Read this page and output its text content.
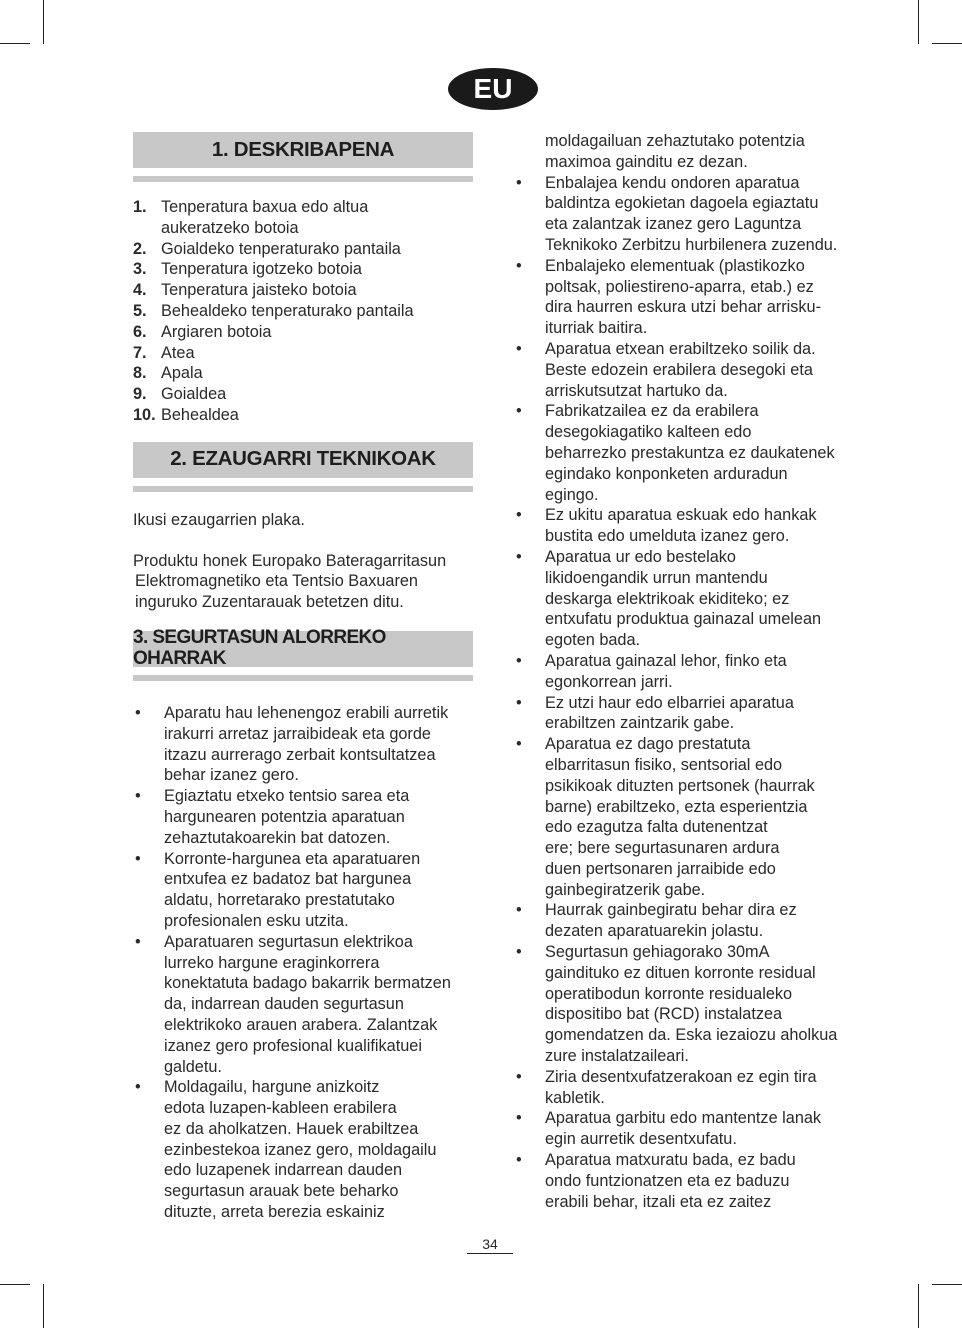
EU
1. DESKRIBAPENA
1. Tenperatura baxua edo altua
aukeratzeko botoia
2. Goialdeko tenperaturako pantaila
3. Tenperatura igotzeko botoia
4. Tenperatura jaisteko botoia
5. Behealdeko tenperaturako pantaila
6. Argiaren botoia
7. Atea
8. Apala
9. Goialdea
10. Behealdea
2. EZAUGARRI TEKNIKOAK

Ikusi ezaugarrien plaka.

Produktu honek Europako Bateragarritasun

Elektromagnetiko eta Tentsio Baxuaren
inguruko Zuzentarauak betetzen ditu.

3. SEGURTASUN ALORREKO OHARRAK
•	Aparatu hau lehenengoz erabili aurretik
irakurri arretaz jarraibideak eta gorde
itzazu aurrerago zerbait kontsultatzea
behar izanez gero.
•	Egiaztatu etxeko tentsio sarea eta
hargunearen potentzia aparatuan
zehaztutakoarekin bat datozen.
•	Korronte-hargunea eta aparatuaren
entxufea ez badatoz bat hargunea
aldatu, horretarako prestatutako
profesionalen esku utzita.
•	Aparatuaren segurtasun elektrikoa
lurreko hargune eraginkorrera
konektatuta badago bakarrik bermatzen
da, indarrean dauden segurtasun
elektrikoko arauen arabera. Zalantzak
izanez gero profesional kualifikatuei
galdetu.
•	Moldagailu, hargune anizkoitz
edota luzapen-kableen erabilera
ez da aholkatzen. Hauek erabiltzea
ezinbestekoa izanez gero, moldagailu
edo luzapenek indarrean dauden
segurtasun arauak bete beharko
dituzte, arreta berezia eskainiz
moldagailuan zehaztutako potentzia
maximoa gainditu ez dezan.
•	Enbalajea kendu ondoren aparatua
baldintza egokietan dagoela egiaztatu
eta zalantzak izanez gero Laguntza
Teknikoko Zerbitzu hurbilenera zuzendu.
•	Enbalajeko elementuak (plastikozko
poltsak, poliestireno-aparra, etab.) ez
dira haurren eskura utzi behar arrisku-
iturriak baitira.
•	Aparatua etxean erabiltzeko soilik da.
Beste edozein erabilera desegoki eta
arriskutsutzat hartuko da.
•	Fabrikatzailea ez da erabilera
desegokiagatiko kalteen edo
beharrezko prestakuntza ez daukatenek
egindako konponketen arduradun
egingo.
•	Ez ukitu aparatua eskuak edo hankak
bustita edo umelduta izanez gero.
•	Aparatua ur edo bestelako
likidoengandik urrun mantendu
deskarga elektrikoak ekiditeko; ez
entxufatu produktua gainazal umelean
egoten bada.
•	Aparatua gainazal lehor, finko eta
egonkorrean jarri.
•	Ez utzi haur edo elbarriei aparatua
erabiltzen zaintzarik gabe.
•	Aparatua ez dago prestatuta
elbarritasun fisiko, sentsorial edo
psikikoak dituzten pertsonek (haurrak
barne) erabiltzeko, ezta esperientzia
edo ezagutza falta dutenentzat
ere; bere segurtasunaren ardura
duen pertsonaren jarraibide edo
gainbegiratzerik gabe.
•	Haurrak gainbegiratu behar dira ez
dezaten aparatuarekin jolastu.
•	Segurtasun gehiagorako 30mA
gaindituko ez dituen korronte residual
operatibodun korronte residualeko
dispositibo bat (RCD) instalatzea
gomendatzen da. Eska iezaiozu aholkua
zure instalatzaileari.
•	Ziria desentxufatzerakoan ez egin tira
kabletik.
•	Aparatua garbitu edo mantentze lanak
egin aurretik desentxufatu.
•	Aparatua matxuratu bada, ez badu
ondo funtzionatzen eta ez baduzu
erabili behar, itzali eta ez zaitez
34
